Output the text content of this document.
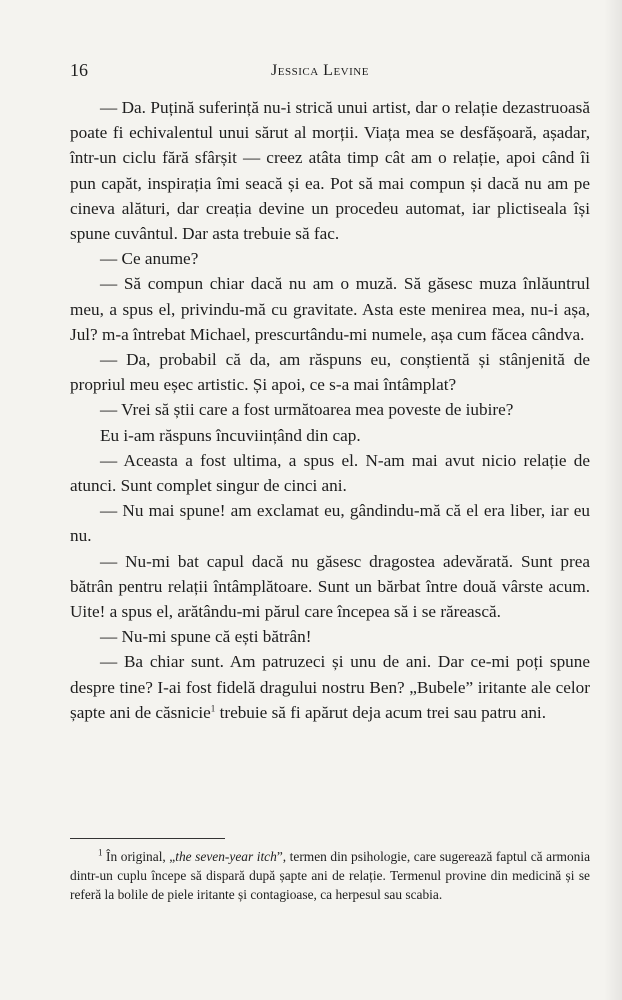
16	Jessica Levine

— Da. Puțină suferință nu-i strică unui artist, dar o relație dezastruoasă poate fi echivalentul unui sărut al morții. Viața mea se desfășoară, așadar, într-un ciclu fără sfârșit — creez atâta timp cât am o relație, apoi când îi pun capăt, inspirația îmi seacă și ea. Pot să mai compun și dacă nu am pe cineva alături, dar creația devine un procedeu automat, iar plictiseala își spune cuvântul. Dar asta trebuie să fac.

— Ce anume?

— Să compun chiar dacă nu am o muză. Să găsesc muza înlăuntrul meu, a spus el, privindu-mă cu gravitate. Asta este menirea mea, nu-i așa, Jul? m-a întrebat Michael, prescurtându-mi numele, așa cum făcea cândva.

— Da, probabil că da, am răspuns eu, conștientă și stânjenită de propriul meu eșec artistic. Și apoi, ce s-a mai întâmplat?

— Vrei să știi care a fost următoarea mea poveste de iubire?

Eu i-am răspuns încuviințând din cap.

— Aceasta a fost ultima, a spus el. N-am mai avut nicio relație de atunci. Sunt complet singur de cinci ani.

— Nu mai spune! am exclamat eu, gândindu-mă că el era liber, iar eu nu.

— Nu-mi bat capul dacă nu găsesc dragostea adevărată. Sunt prea bătrân pentru relații întâmplătoare. Sunt un bărbat între două vârste acum. Uite! a spus el, arătându-mi părul care începea să i se rărească.

— Nu-mi spune că ești bătrân!

— Ba chiar sunt. Am patruzeci și unu de ani. Dar ce-mi poți spune despre tine? I-ai fost fidelă dragului nostru Ben? „Bubele” iritante ale celor șapte ani de căsnicie$^1$ trebuie să fi apărut deja acum trei sau patru ani.

$^1$ În original, „the seven-year itch”, termen din psihologie, care sugerează faptul că armonia dintr-un cuplu începe să dispară după șapte ani de relație. Termenul provine din medicină și se referă la bolile de piele iritante și contagioase, ca herpesul sau scabia.
